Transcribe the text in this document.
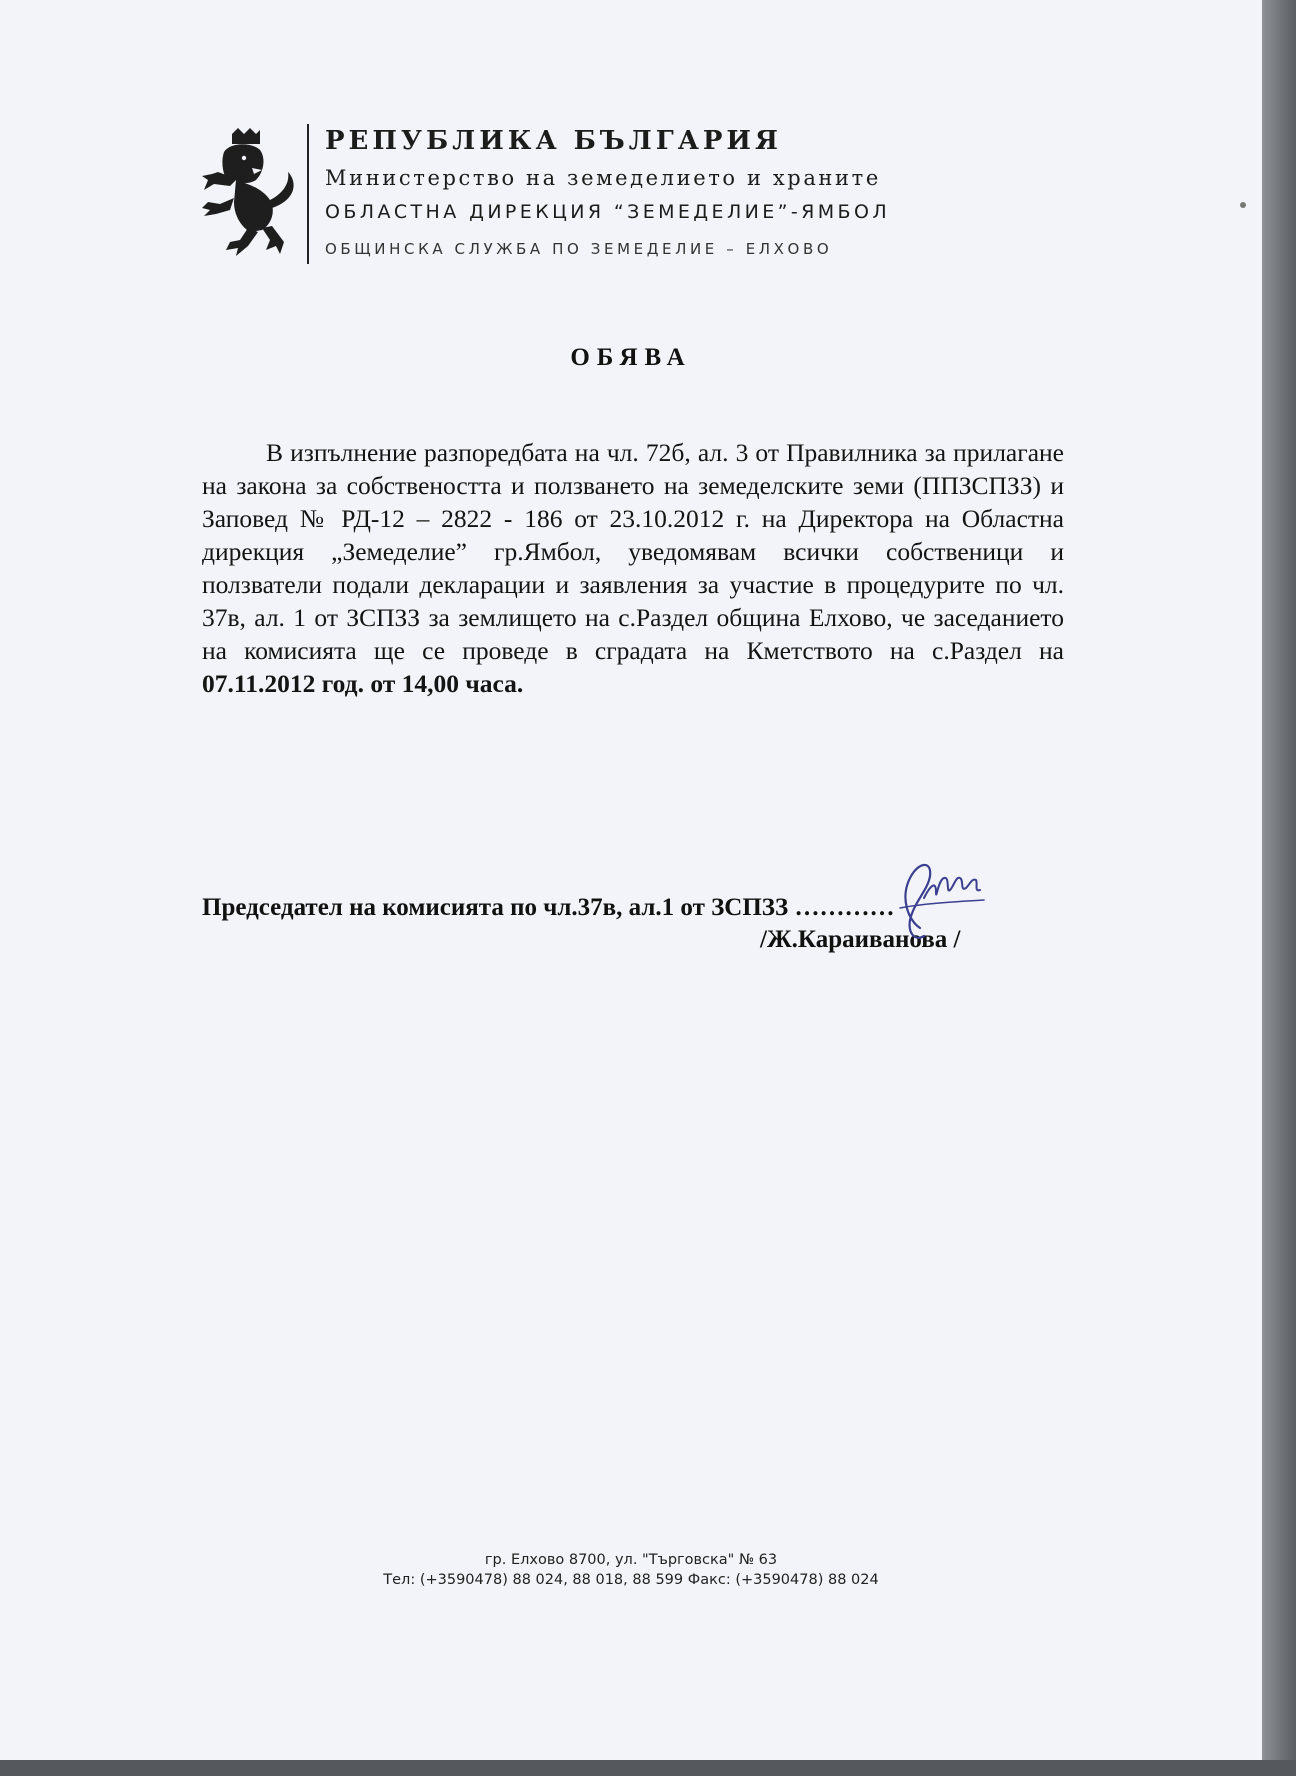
РЕПУБЛИКА БЪЛГАРИЯ
Министерство на земеделието и храните
ОБЛАСТНА ДИРЕКЦИЯ “ЗЕМЕДЕЛИЕ”-ЯМБОЛ
ОБЩИНСКА СЛУЖБА ПО ЗЕМЕДЕЛИЕ – ЕЛХОВО
ОБЯВА

В изпълнение разпоредбата на чл. 72б, ал. 3 от Правилника за прилагане на закона за собствеността и ползването на земеделските земи (ППЗСПЗЗ) и Заповед № РД-12 – 2822 - 186 от 23.10.2012 г. на Директора на Областна дирекция „Земеделие” гр.Ямбол, уведомявам всички собственици и ползватели подали декларации и заявления за участие в процедурите по чл. 37в, ал. 1 от ЗСПЗЗ за землището на с.Раздел община Елхово, че заседанието на комисията ще се проведе в сградата на Кметството на с.Раздел на 07.11.2012 год. от 14,00 часа.

Председател на комисията по чл.37в, ал.1 от ЗСПЗЗ …………
/Ж.Караиванова /
гр. Елхово 8700, ул. "Търговска" № 63
Тел: (+3590478) 88 024, 88 018, 88 599 Факс: (+3590478) 88 024
